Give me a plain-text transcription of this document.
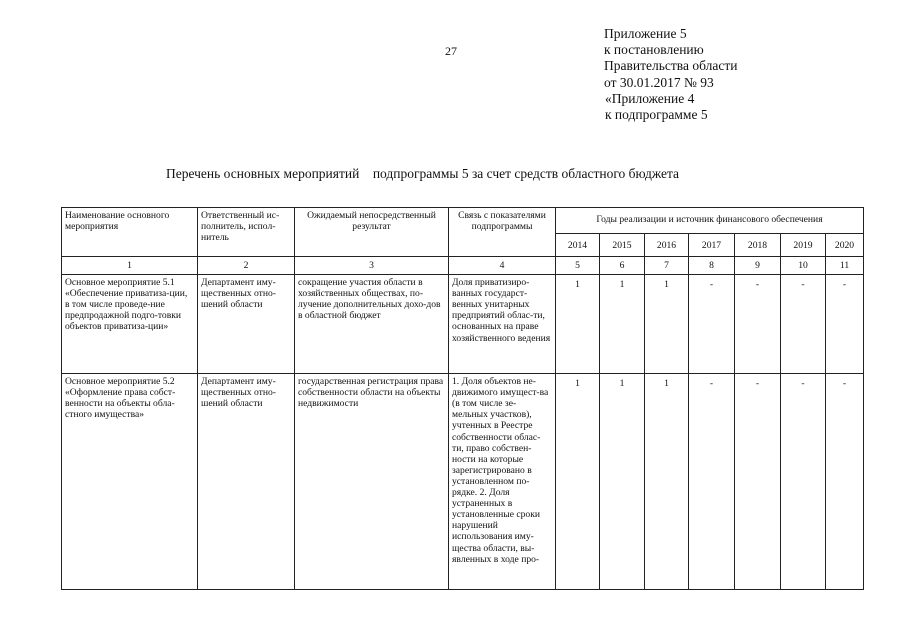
27
Приложение 5
к постановлению
Правительства области
от 30.01.2017 № 93
«Приложение 4
к подпрограмме 5
Перечень основных мероприятий    подпрограммы 5 за счет средств областного бюджета
Наименование основного мероприятия	Ответственный ис-полнитель, испол-нитель	Ожидаемый непосредственный результат	Связь с показателями подпрограммы	Годы реализации и источник финансового обеспечения						
				2014	2015	2016	2017	2018	2019	2020
1	2	3	4	5	6	7	8	9	10	11
Основное мероприятие 5.1 «Обеспечение приватиза-ции, в том числе проведе-ние предпродажной подго-товки объектов приватиза-ции»	Департамент иму-щественных отно-шений области	сокращение участия области в хозяйственных обществах, по-лучение дополнительных дохо-дов в областной бюджет	Доля приватизиро-ванных государст-венных унитарных предприятий облас-ти, основанных на праве хозяйственного ведения	1	1	1	-	-	-	-
Основное мероприятие 5.2 «Оформление права собст-венности на объекты обла-стного имущества»	Департамент иму-щественных отно-шений области	государственная регистрация права собственности области на объекты недвижимости	1. Доля объектов не-движимого имущест-ва (в том числе зе-мельных участков), учтенных в Реестре собственности облас-ти, право собствен-ности на которые зарегистрировано в установленном по-рядке. 2. Доля устраненных в установленные сроки нарушений использования иму-щества области, вы-явленных в ходе про-	1	1	1	-	-	-	-
